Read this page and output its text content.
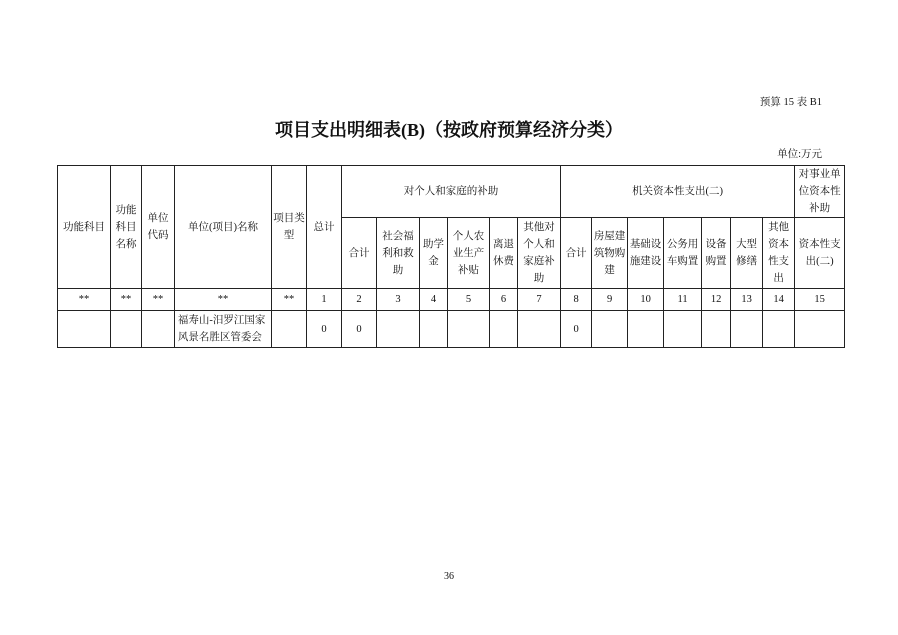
预算 15 表 B1
项目支出明细表(B)（按政府预算经济分类）
单位:万元
功能科目	功能科目名称	单位代码	单位(项目)名称	项目类型	总计	对个人和家庭的补助						机关资本性支出(二)							对事业单位资本性补助
						合计	社会福利和救助	助学金	个人农业生产补贴	离退休费	其他对个人和家庭补助	合计	房屋建筑物购建	基础设施建设	公务用车购置	设备购置	大型修缮	其他资本性支出	资本性支出(二)
**	**	**	**	**	1	2	3	4	5	6	7	8	9	10	11	12	13	14	15
			福寿山-汨罗江国家风景名胜区管委会		0	0						0							
36
